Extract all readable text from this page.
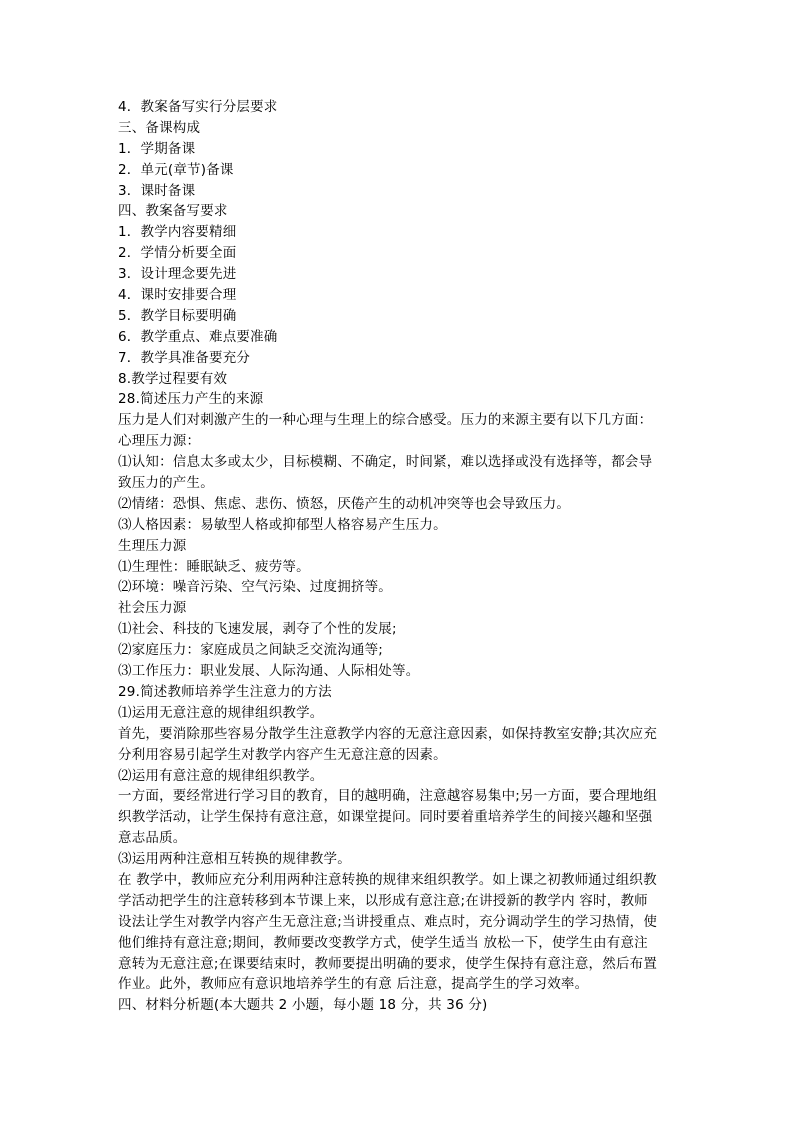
4．教案备写实行分层要求
三、备课构成
1．学期备课
2．单元(章节)备课
3．课时备课
四、教案备写要求
1．教学内容要精细
2．学情分析要全面
3．设计理念要先进
4．课时安排要合理
5．教学目标要明确
6．教学重点、难点要准确
7．教学具准备要充分
8.教学过程要有效
28.简述压力产生的来源
压力是人们对刺激产生的一种心理与生理上的综合感受。压力的来源主要有以下几方面：
心理压力源：
⑴认知：信息太多或太少，目标模糊、不确定，时间紧，难以选择或没有选择等，都会导
致压力的产生。
⑵情绪：恐惧、焦虑、悲伤、愤怒，厌倦产生的动机冲突等也会导致压力。
⑶人格因素：易敏型人格或抑郁型人格容易产生压力。
生理压力源
⑴生理性：睡眠缺乏、疲劳等。
⑵环境：噪音污染、空气污染、过度拥挤等。
社会压力源
⑴社会、科技的飞速发展，剥夺了个性的发展;
⑵家庭压力：家庭成员之间缺乏交流沟通等;
⑶工作压力：职业发展、人际沟通、人际相处等。
29.简述教师培养学生注意力的方法
⑴运用无意注意的规律组织教学。
首先，要消除那些容易分散学生注意教学内容的无意注意因素，如保持教室安静;其次应充
分利用容易引起学生对教学内容产生无意注意的因素。
⑵运用有意注意的规律组织教学。
一方面，要经常进行学习目的教育，目的越明确，注意越容易集中;另一方面，要合理地组
织教学活动，让学生保持有意注意，如课堂提问。同时要着重培养学生的间接兴趣和坚强
意志品质。
⑶运用两种注意相互转换的规律教学。
在 教学中，教师应充分利用两种注意转换的规律来组织教学。如上课之初教师通过组织教
学活动把学生的注意转移到本节课上来，以形成有意注意;在讲授新的教学内 容时，教师
设法让学生对教学内容产生无意注意;当讲授重点、难点时，充分调动学生的学习热情，使
他们维持有意注意;期间，教师要改变教学方式，使学生适当 放松一下，使学生由有意注
意转为无意注意;在课要结束时，教师要提出明确的要求，使学生保持有意注意，然后布置
作业。此外，教师应有意识地培养学生的有意 后注意，提高学生的学习效率。
四、材料分析题(本大题共 2 小题，每小题 18 分，共 36 分)
